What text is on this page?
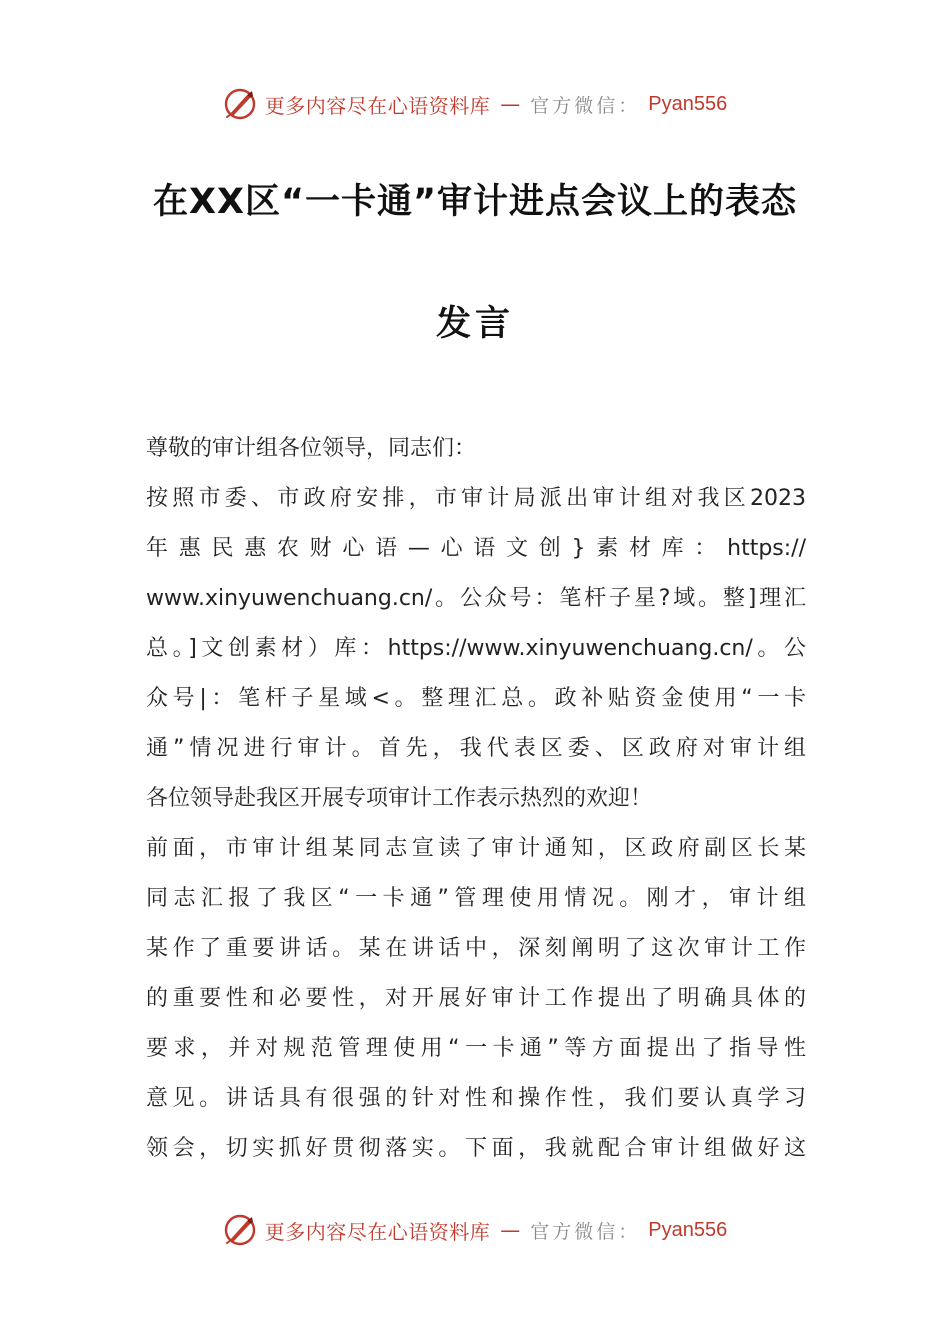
更多内容尽在心语资料库 — 官方微信： Pyan556
在XX区“一卡通”审计进点会议上的表态
发言
尊敬的审计组各位领导，同志们：
按照市委、市政府安排，市审计局派出审计组对我区2023
年惠民惠农财心语—心语文创}素材库：https://
www.xinyuwenchuang.cn/。公众号：笔杆子星?域。整]理汇
总。]文创素材）库：https://www.xinyuwenchuang.cn/。公
众号|：笔杆子星域<。整理汇总。政补贴资金使用“一卡
通”情况进行审计。首先，我代表区委、区政府对审计组
各位领导赴我区开展专项审计工作表示热烈的欢迎！
前面，市审计组某同志宣读了审计通知，区政府副区长某
同志汇报了我区“一卡通”管理使用情况。刚才，审计组
某作了重要讲话。某在讲话中，深刻阐明了这次审计工作
的重要性和必要性，对开展好审计工作提出了明确具体的
要求，并对规范管理使用“一卡通”等方面提出了指导性
意见。讲话具有很强的针对性和操作性，我们要认真学习
领会，切实抓好贯彻落实。下面，我就配合审计组做好这
更多内容尽在心语资料库 — 官方微信： Pyan556
